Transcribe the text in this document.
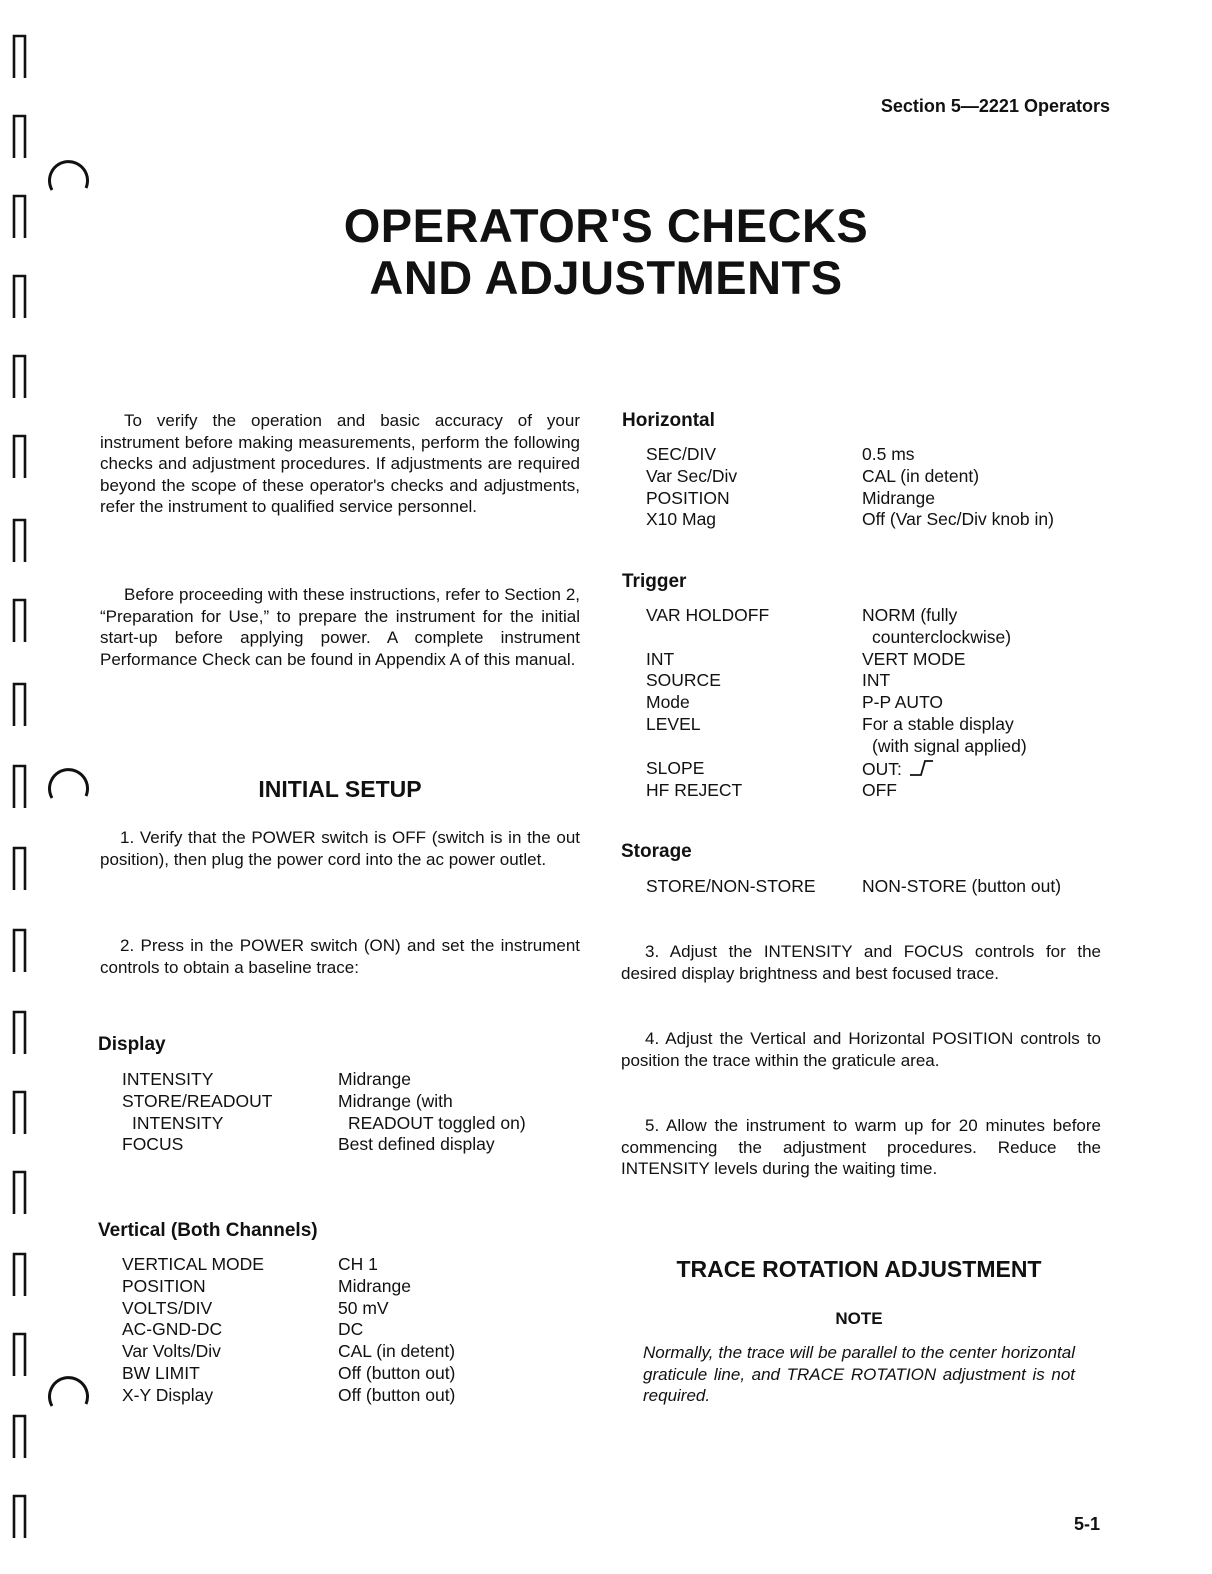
Section 5—2221 Operators
OPERATOR'S CHECKS
AND ADJUSTMENTS

To verify the operation and basic accuracy of your instrument before making measurements, perform the following checks and adjustment procedures. If adjustments are required beyond the scope of these operator's checks and adjustments, refer the instrument to qualified service personnel.

Before proceeding with these instructions, refer to Section 2, “Preparation for Use,” to prepare the instrument for the initial start-up before applying power. A complete instrument Performance Check can be found in Appendix A of this manual.

INITIAL SETUP

1. Verify that the POWER switch is OFF (switch is in the out position), then plug the power cord into the ac power outlet.

2. Press in the POWER switch (ON) and set the instrument controls to obtain a baseline trace:

Display
INTENSITY	Midrange
STORE/READOUT	Midrange (with
INTENSITY	READOUT toggled on)
FOCUS	Best defined display
Vertical (Both Channels)
VERTICAL MODE	CH 1
POSITION	Midrange
VOLTS/DIV	50 mV
AC-GND-DC	DC
Var Volts/Div	CAL (in detent)
BW LIMIT	Off (button out)
X-Y Display	Off (button out)
Horizontal
SEC/DIV	0.5 ms
Var Sec/Div	CAL (in detent)
POSITION	Midrange
X10 Mag	Off (Var Sec/Div knob in)
Trigger
VAR HOLDOFF	NORM (fully
	counterclockwise)
INT	VERT MODE
SOURCE	INT
Mode	P-P AUTO
LEVEL	For a stable display
	(with signal applied)
SLOPE	OUT:
HF REJECT	OFF
Storage
STORE/NON-STORE	NON-STORE (button out)

3. Adjust the INTENSITY and FOCUS controls for the desired display brightness and best focused trace.

4. Adjust the Vertical and Horizontal POSITION controls to position the trace within the graticule area.

5. Allow the instrument to warm up for 20 minutes before commencing the adjustment procedures. Reduce the INTENSITY levels during the waiting time.

TRACE ROTATION ADJUSTMENT
NOTE

Normally, the trace will be parallel to the center horizontal graticule line, and TRACE ROTATION adjustment is not required.

5-1
